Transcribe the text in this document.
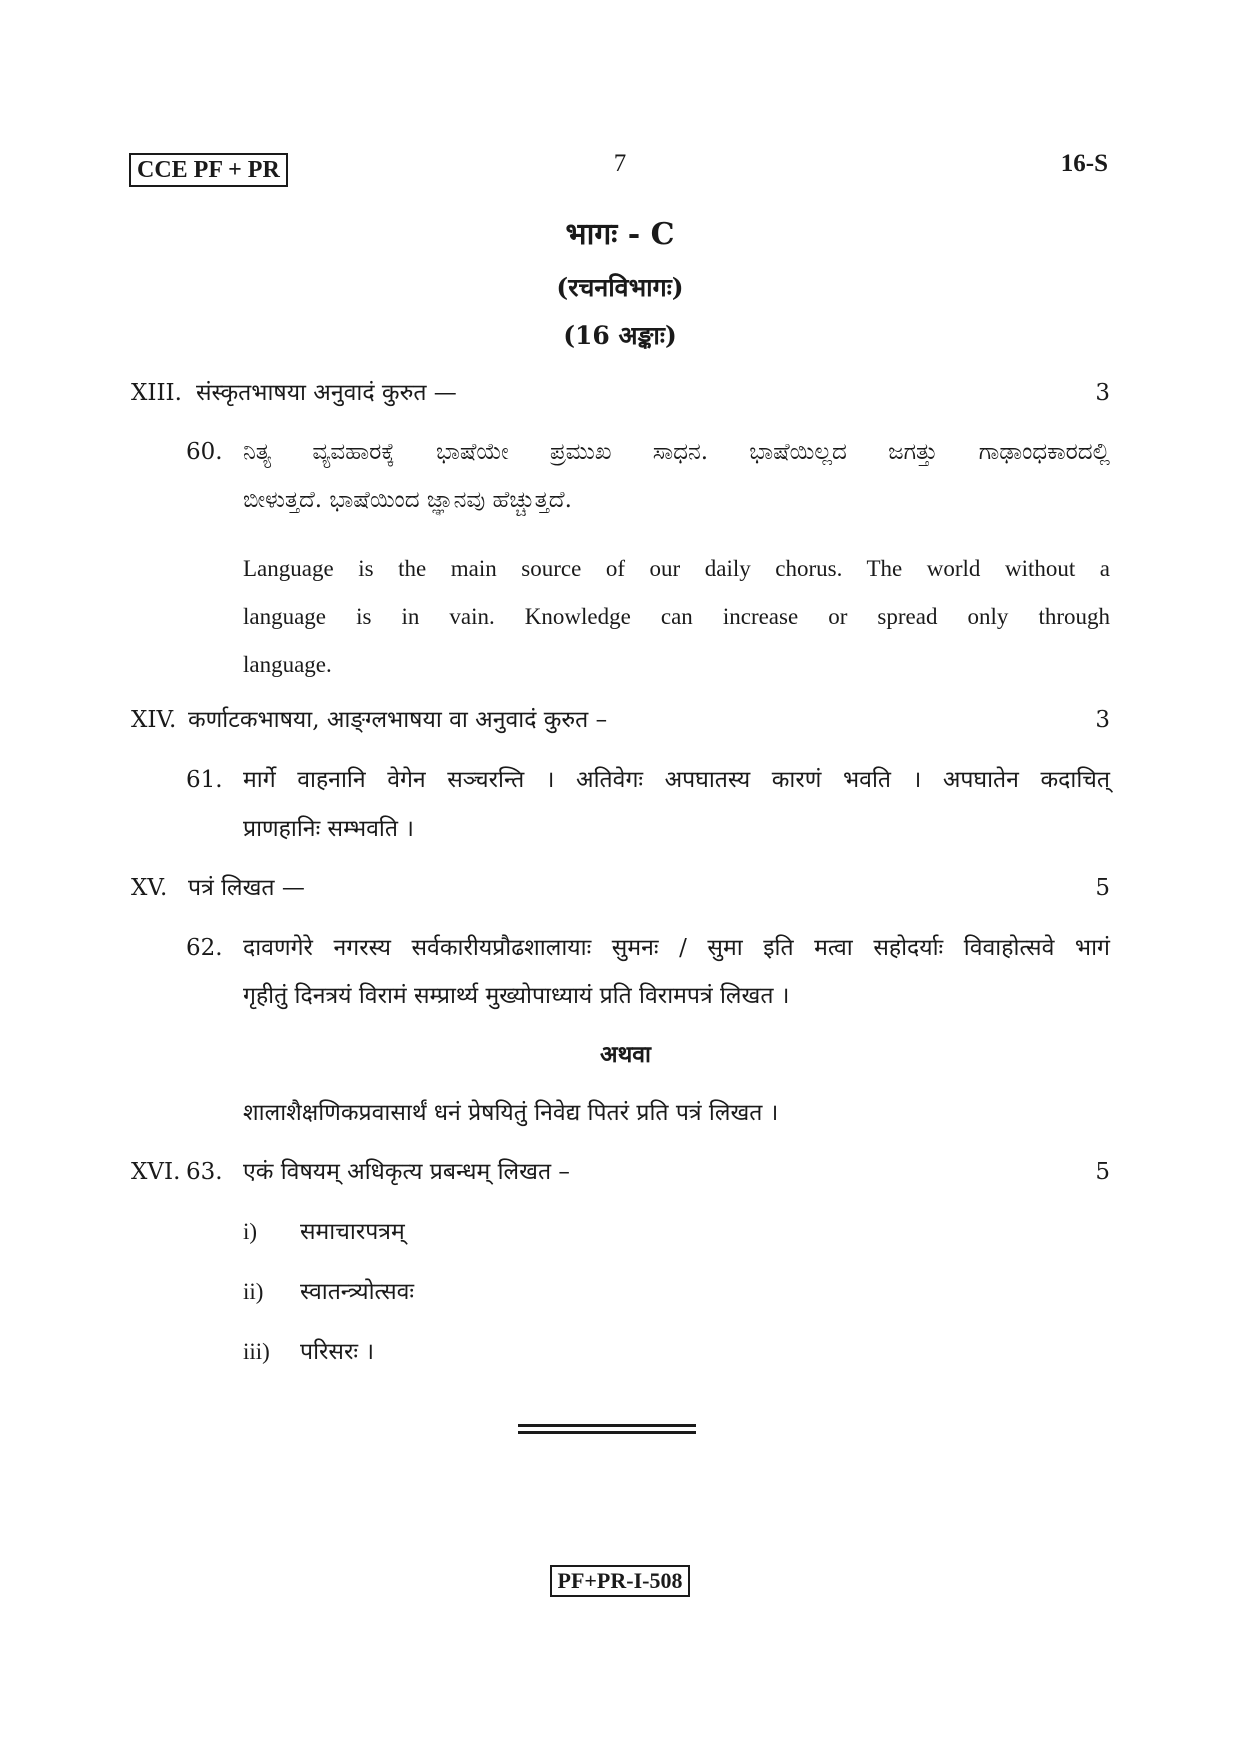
CCE PF + PR	7	16-S
भागः - C
(रचनविभागः)
(16 अङ्काः)
XIII. संस्कृतभाषया अनुवादं कुरुत —	3
60. ನಿತ್ಯ ವ್ಯವಹಾರಕ್ಕೆ ಭಾಷೆಯೇ ಪ್ರಮುಖ ಸಾಧನ. ಭಾಷೆಯಿಲ್ಲದ ಜಗತ್ತು ಗಾಢಾಂಧಕಾರದಲ್ಲಿ
ಬೀಳುತ್ತದೆ. ಭಾಷೆಯಿಂದ ಜ್ಞಾನವು ಹೆಚ್ಚುತ್ತದೆ.
Language is the main source of our daily chorus. The world without a
language is in vain. Knowledge can increase or spread only through
language.
XIV. कर्णाटकभाषया, आङ्ग्लभाषया वा अनुवादं कुरुत –	3
61. मार्गे वाहनानि वेगेन सञ्चरन्ति । अतिवेगः अपघातस्य कारणं भवति । अपघातेन कदाचित्
प्राणहानिः सम्भवति ।
XV. पत्रं लिखत —	5
62. दावणगेरे नगरस्य सर्वकारीयप्रौढशालायाः सुमनः / सुमा इति मत्वा सहोदर्याः विवाहोत्सवे भागं
गृहीतुं दिनत्रयं विरामं सम्प्रार्थ्य मुख्योपाध्यायं प्रति विरामपत्रं लिखत ।
अथवा
शालाशैक्षणिकप्रवासार्थं धनं प्रेषयितुं निवेद्य पितरं प्रति पत्रं लिखत ।
XVI. 63. एकं विषयम् अधिकृत्य प्रबन्धम् लिखत –	5
i) समाचारपत्रम्
ii) स्वातन्त्र्योत्सवः
iii) परिसरः ।
PF+PR-I-508
